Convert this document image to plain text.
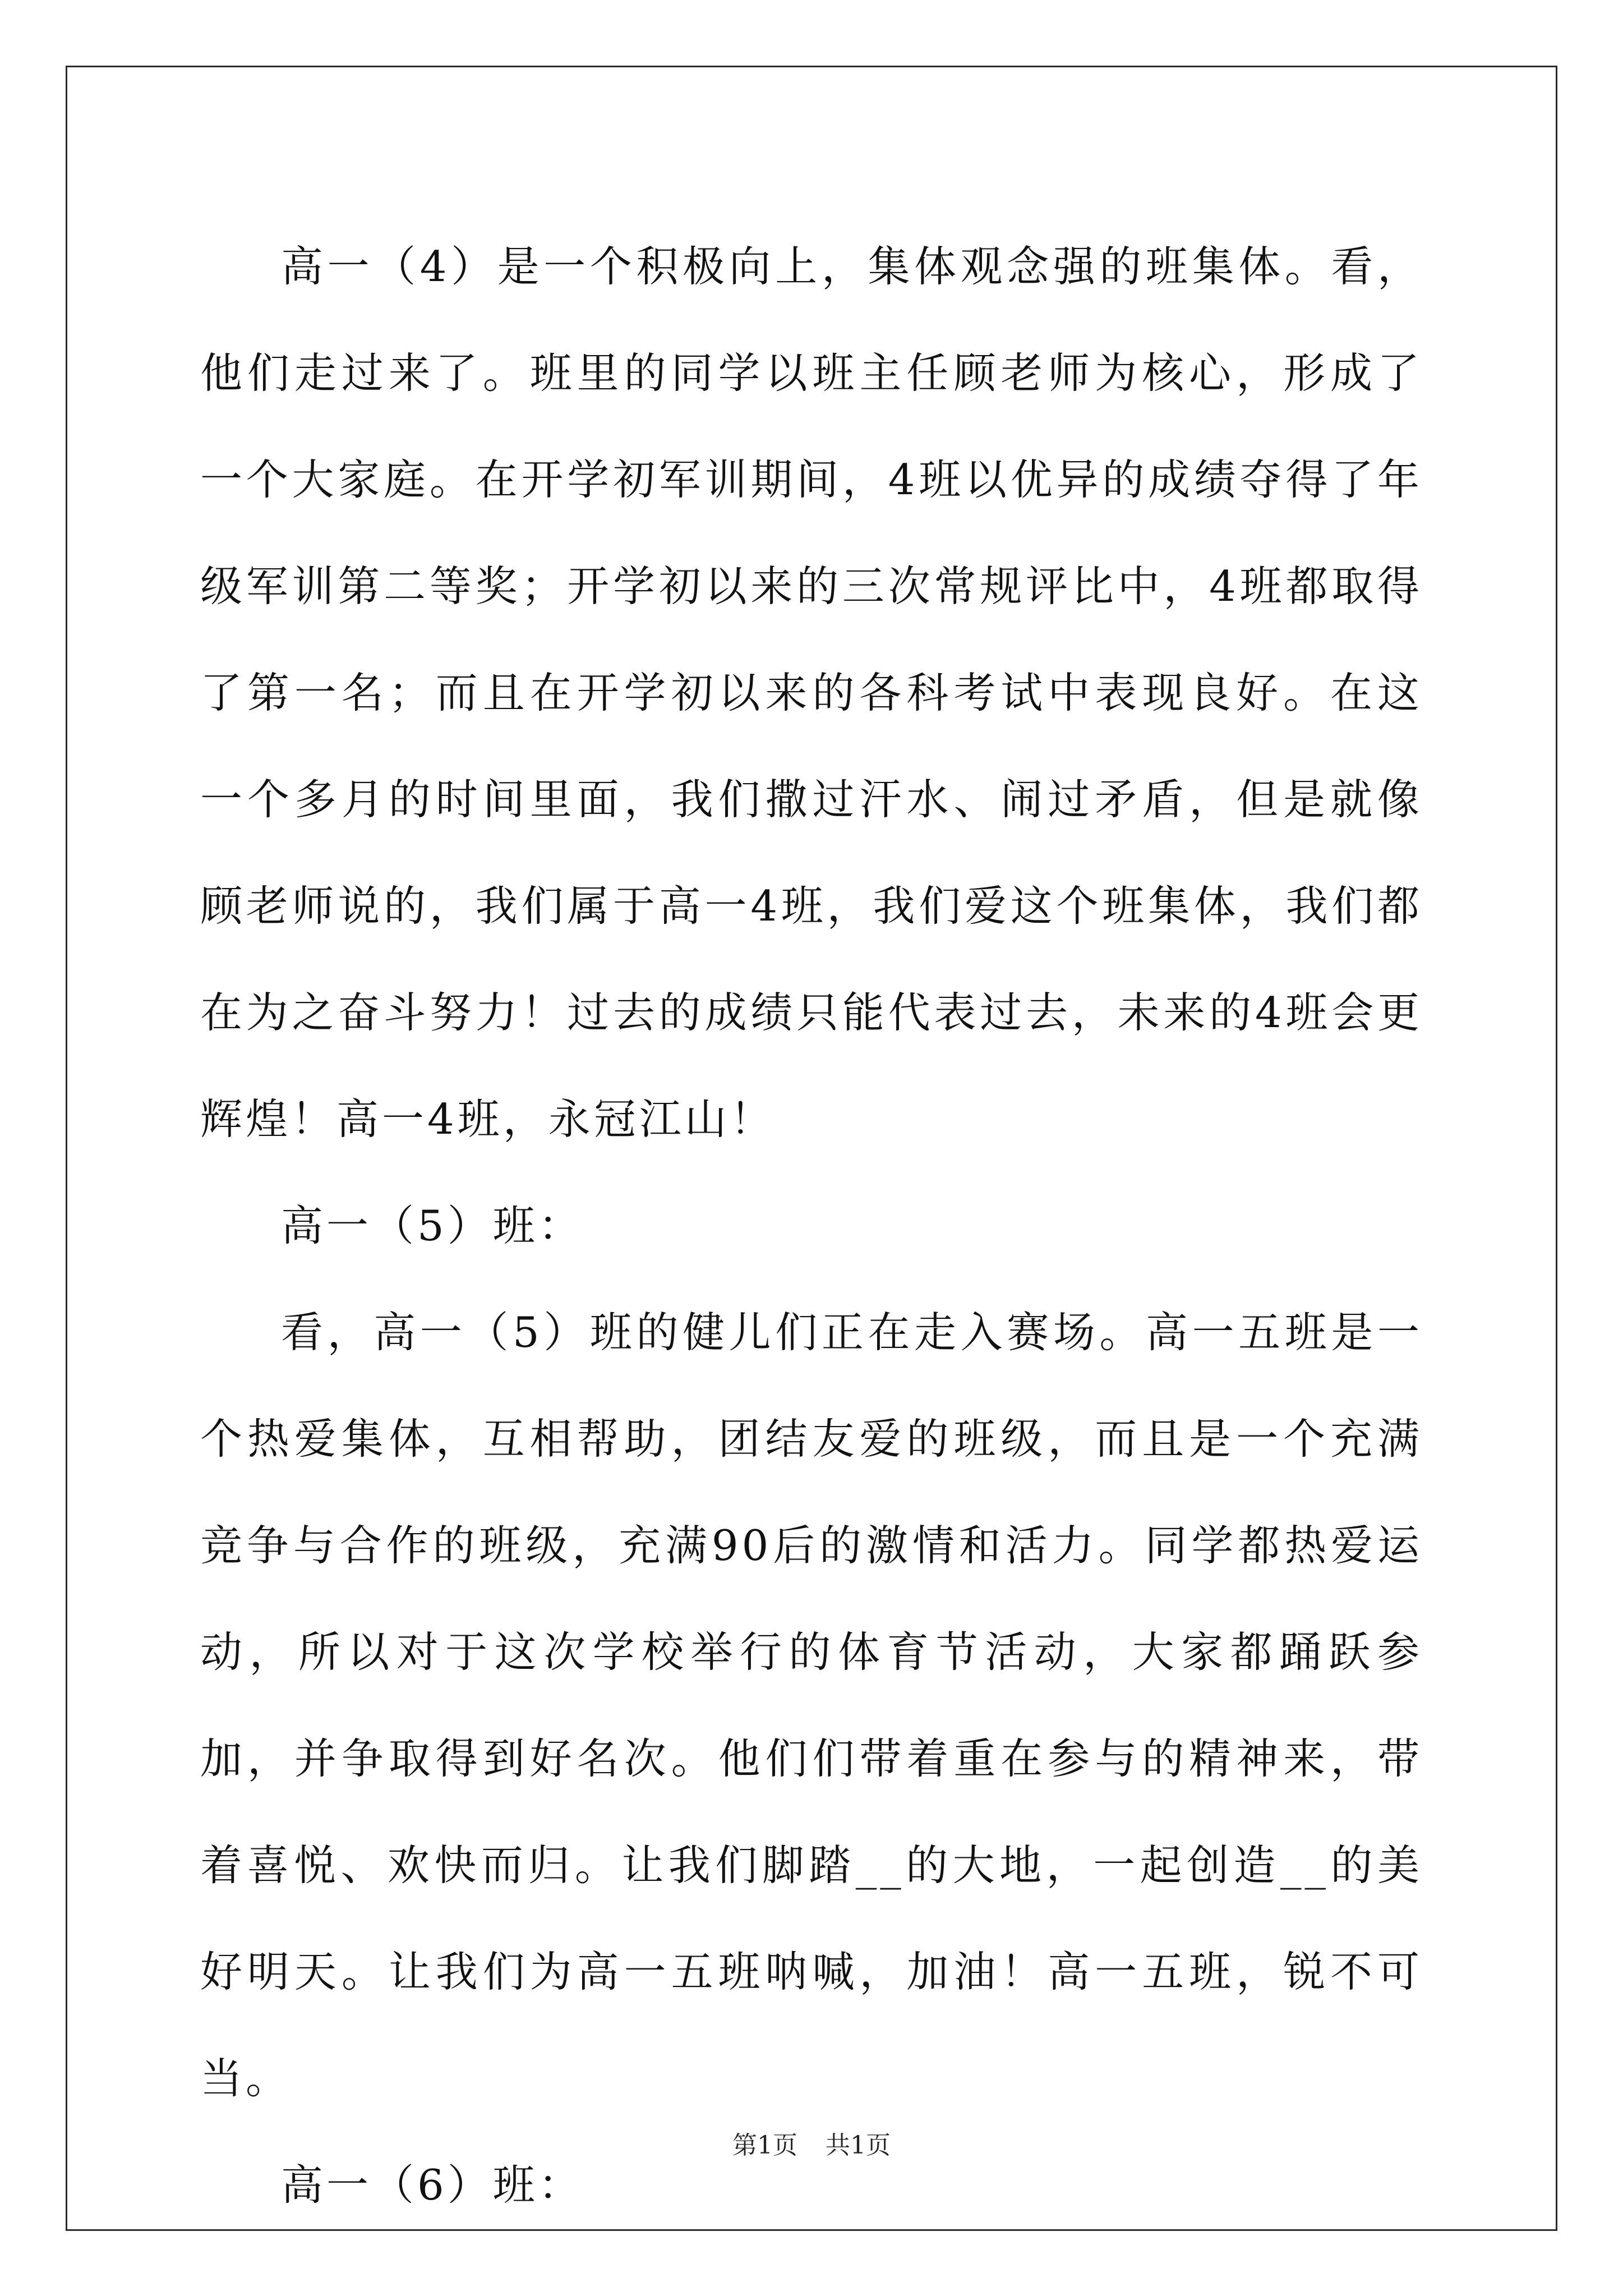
高一（4）是一个积极向上，集体观念强的班集体。看，他们走过来了。班里的同学以班主任顾老师为核心，形成了一个大家庭。在开学初军训期间，4班以优异的成绩夺得了年级军训第二等奖；开学初以来的三次常规评比中，4班都取得了第一名；而且在开学初以来的各科考试中表现良好。在这一个多月的时间里面，我们撒过汗水、闹过矛盾，但是就像顾老师说的，我们属于高一4班，我们爱这个班集体，我们都在为之奋斗努力！过去的成绩只能代表过去，未来的4班会更辉煌！高一4班，永冠江山！

高一（5）班：

看，高一（5）班的健儿们正在走入赛场。高一五班是一个热爱集体，互相帮助，团结友爱的班级，而且是一个充满竞争与合作的班级，充满90后的激情和活力。同学都热爱运动，所以对于这次学校举行的体育节活动，大家都踊跃参加，并争取得到好名次。他们们带着重在参与的精神来，带着喜悦、欢快而归。让我们脚踏__的大地，一起创造__的美好明天。让我们为高一五班呐喊，加油！高一五班，锐不可当。

高一（6）班：

第1页 共1页
